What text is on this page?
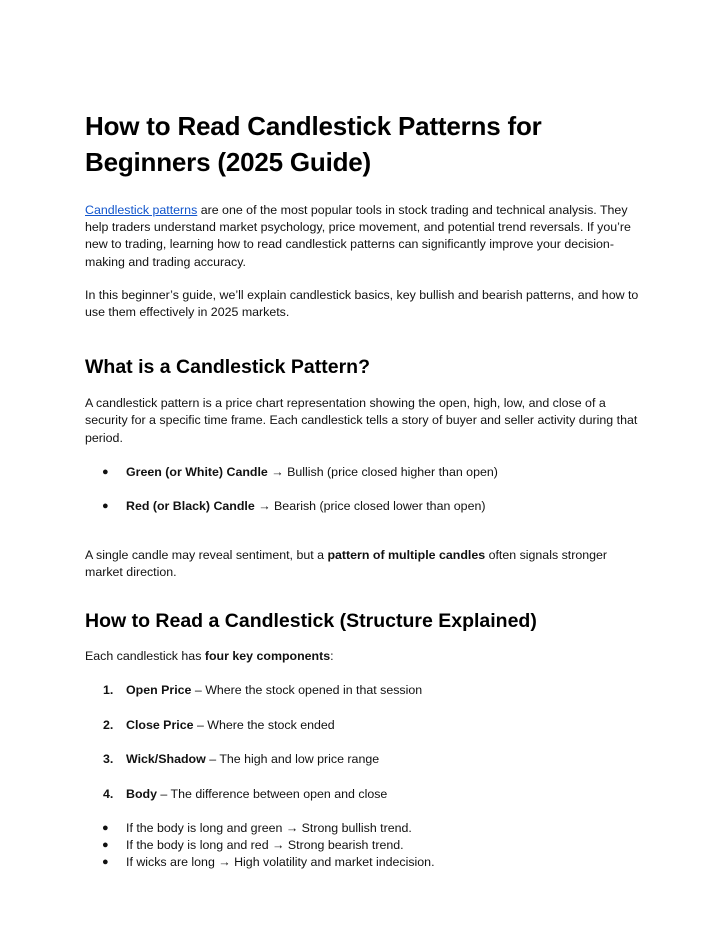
How to Read Candlestick Patterns for Beginners (2025 Guide)

Candlestick patterns are one of the most popular tools in stock trading and technical analysis. They help traders understand market psychology, price movement, and potential trend reversals. If you’re new to trading, learning how to read candlestick patterns can significantly improve your decision-making and trading accuracy.

In this beginner’s guide, we’ll explain candlestick basics, key bullish and bearish patterns, and how to use them effectively in 2025 markets.

What is a Candlestick Pattern?

A candlestick pattern is a price chart representation showing the open, high, low, and close of a security for a specific time frame. Each candlestick tells a story of buyer and seller activity during that period.

●	Green (or White) Candle → Bullish (price closed higher than open)
●	Red (or Black) Candle → Bearish (price closed lower than open)

A single candle may reveal sentiment, but a pattern of multiple candles often signals stronger market direction.

How to Read a Candlestick (Structure Explained)

Each candlestick has four key components:

1.	Open Price – Where the stock opened in that session
2.	Close Price – Where the stock ended
3.	Wick/Shadow – The high and low price range
4.	Body – The difference between open and close
●	If the body is long and green → Strong bullish trend.
●	If the body is long and red → Strong bearish trend.
●	If wicks are long → High volatility and market indecision.
